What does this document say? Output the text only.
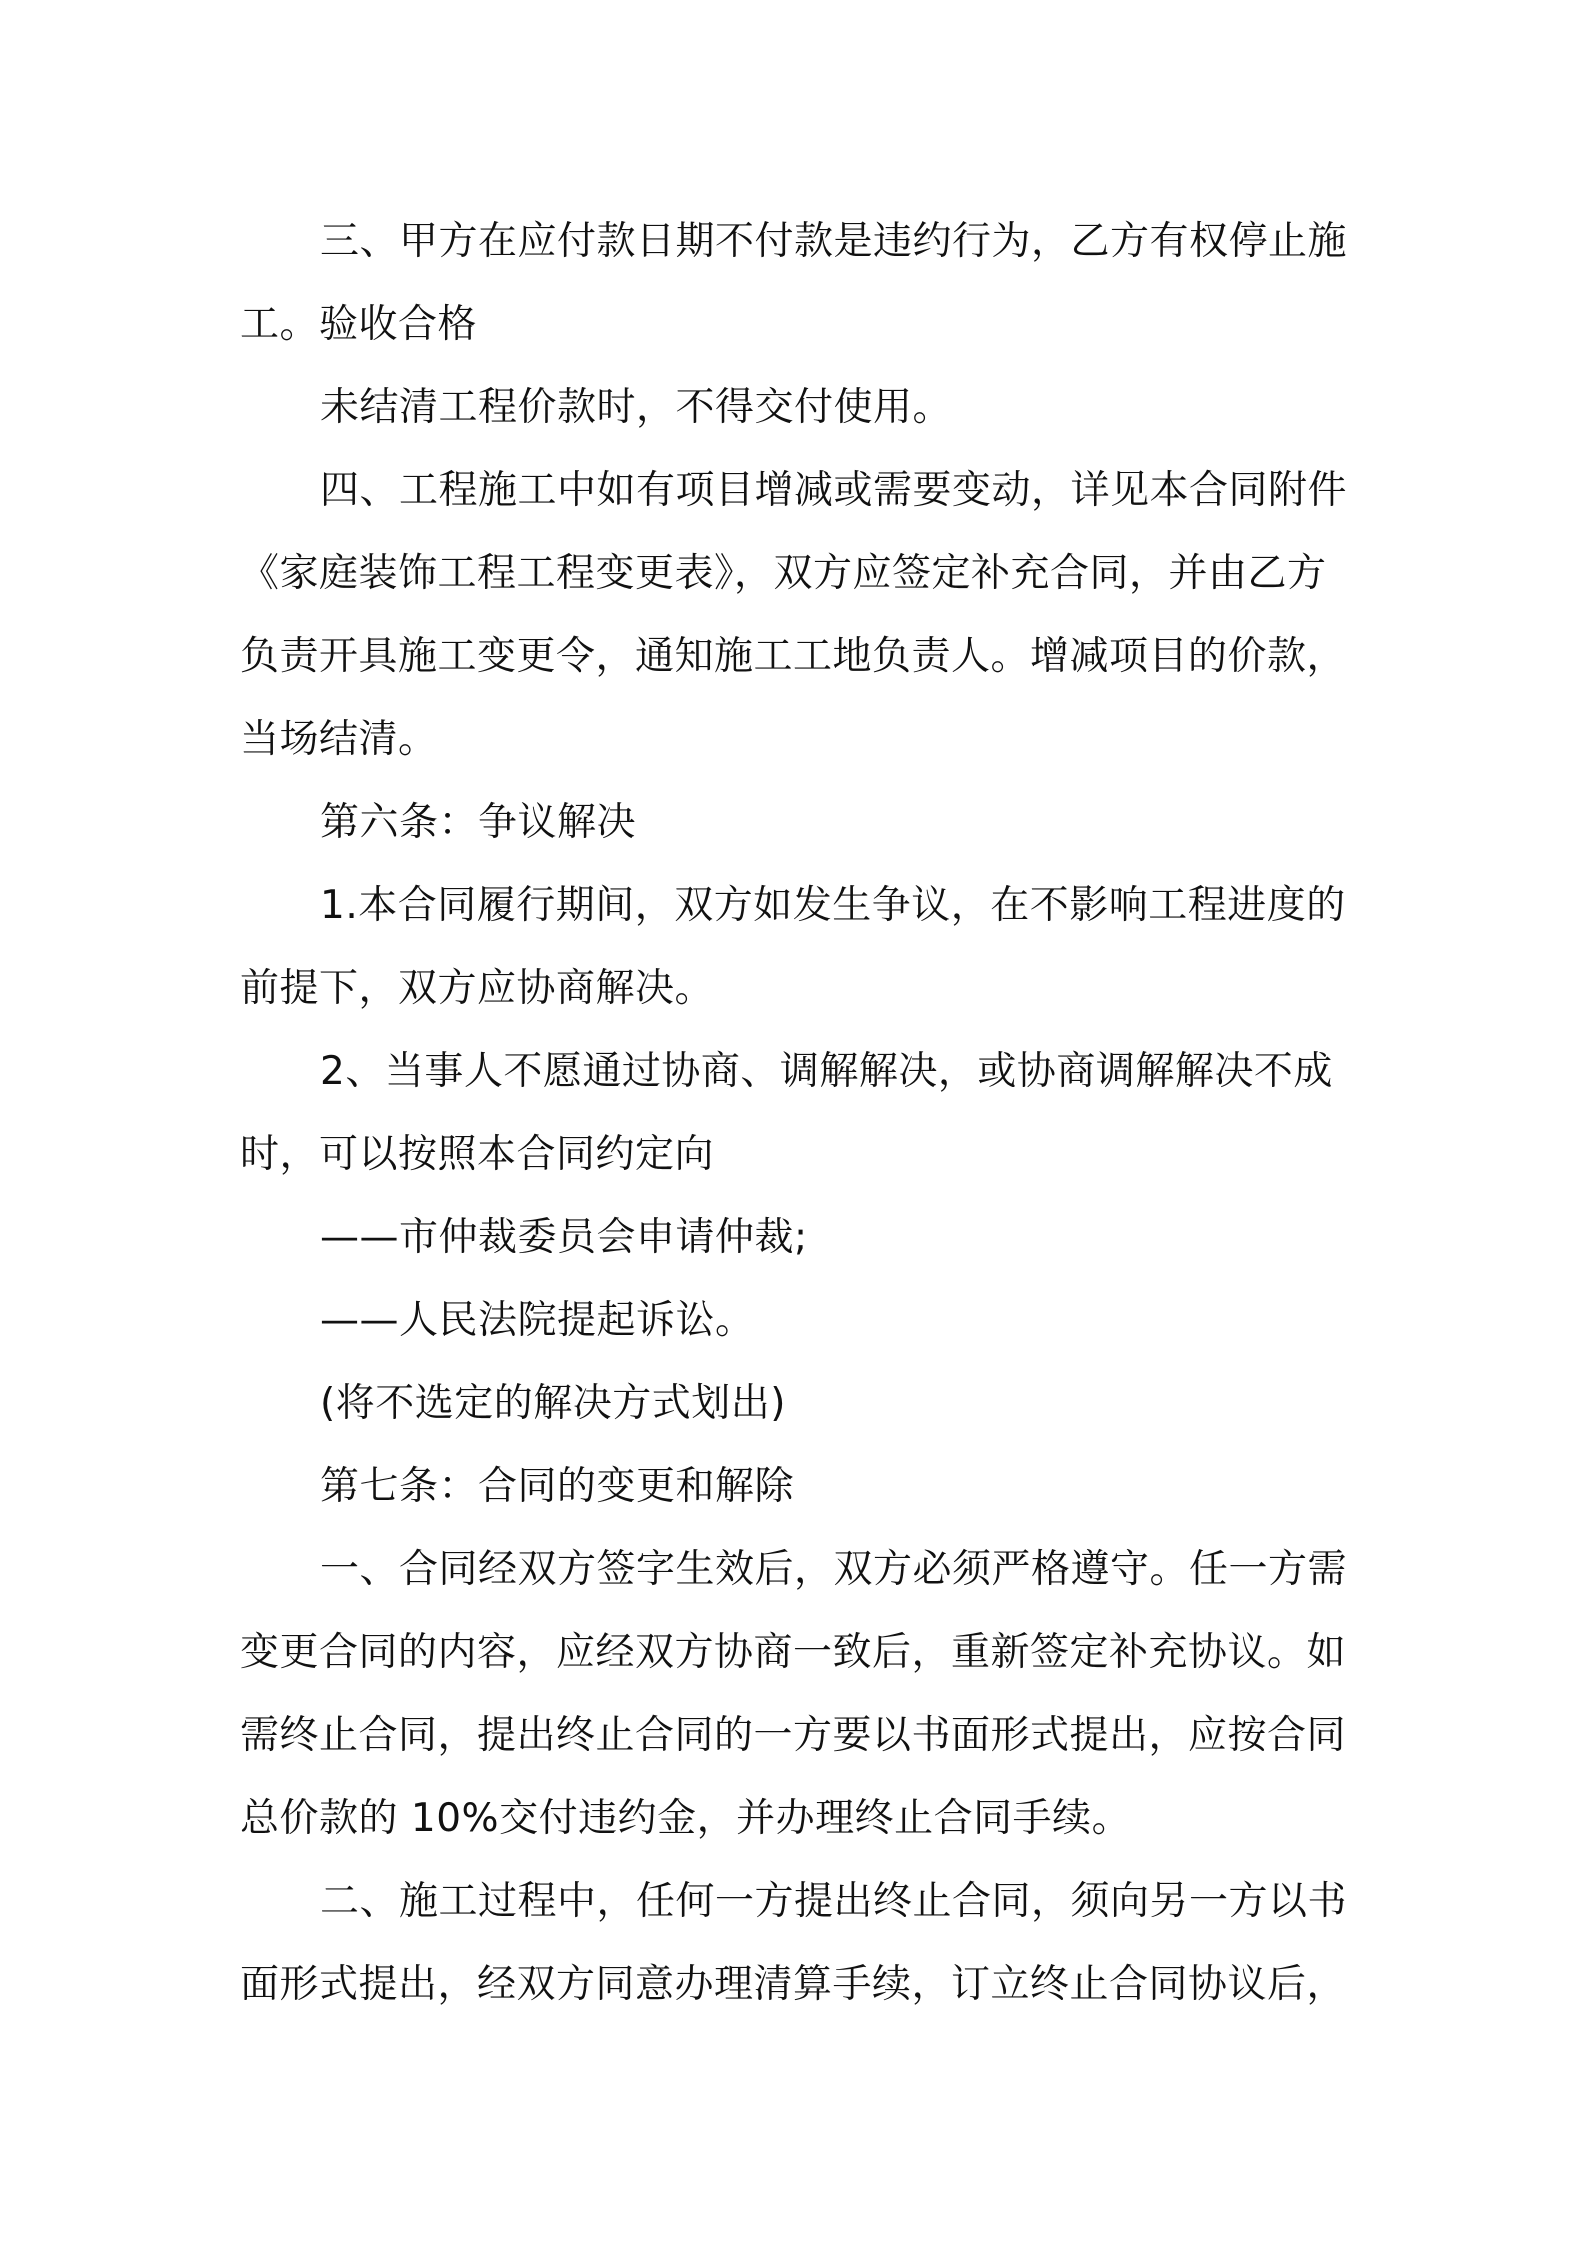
三、甲方在应付款日期不付款是违约行为，乙方有权停止施
工。验收合格
未结清工程价款时，不得交付使用。
四、工程施工中如有项目增减或需要变动，详见本合同附件
《家庭装饰工程工程变更表》，双方应签定补充合同，并由乙方
负责开具施工变更令，通知施工工地负责人。增减项目的价款，
当场结清。
第六条：争议解决
1.本合同履行期间，双方如发生争议，在不影响工程进度的
前提下，双方应协商解决。
2、当事人不愿通过协商、调解解决，或协商调解解决不成
时，可以按照本合同约定向
——市仲裁委员会申请仲裁;
——人民法院提起诉讼。
(将不选定的解决方式划出)
第七条：合同的变更和解除
一、合同经双方签字生效后，双方必须严格遵守。任一方需
变更合同的内容，应经双方协商一致后，重新签定补充协议。如
需终止合同，提出终止合同的一方要以书面形式提出，应按合同
总价款的 10%交付违约金，并办理终止合同手续。
二、施工过程中，任何一方提出终止合同，须向另一方以书
面形式提出，经双方同意办理清算手续，订立终止合同协议后，
